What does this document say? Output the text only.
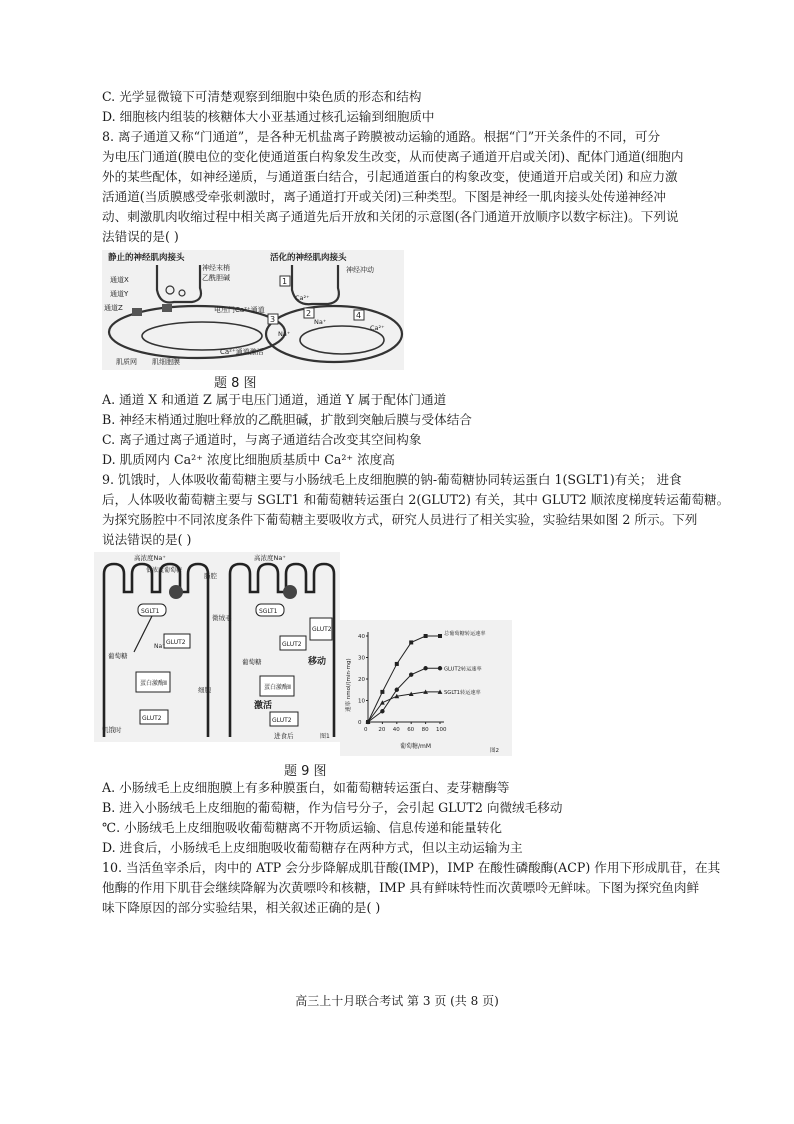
C. 光学显微镜下可清楚观察到细胞中染色质的形态和结构
D. 细胞核内组装的核糖体大小亚基通过核孔运输到细胞质中
8. 离子通道又称“门通道”，是各种无机盐离子跨膜被动运输的通路。根据“门”开关条件的不同，可分
为电压门通道(膜电位的变化使通道蛋白构象发生改变，从而使离子通道开启或关闭)、配体门通道(细胞内
外的某些配体，如神经递质，与通道蛋白结合，引起通道蛋白的构象改变，使通道开启或关闭) 和应力激
活通道(当质膜感受牵张刺激时，离子通道打开或关闭)三种类型。下图是神经一肌肉接头处传递神经冲
动、刺激肌肉收缩过程中相关离子通道先后开放和关闭的示意图(各门通道开放顺序以数字标注)。下列说
法错误的是( )
静止的神经肌肉接头
神经末梢
乙酰胆碱
通道X
通道Y
通道Z	电压门Ca²⁺通道
肌质网 肌细胞膜
Ca²⁺通道激活
活化的神经肌肉接头
神经冲动
1
Ca²⁺
2
3	4
Na⁺
Na⁺
Ca²⁺
题 8 图
A. 通道 X 和通道 Z 属于电压门通道，通道 Y 属于配体门通道
B. 神经末梢通过胞吐释放的乙酰胆碱，扩散到突触后膜与受体结合
C. 离子通过离子通道时，与离子通道结合改变其空间构象
D. 肌质网内 Ca²⁺ 浓度比细胞质基质中 Ca²⁺ 浓度高
9. 饥饿时，人体吸收葡萄糖主要与小肠绒毛上皮细胞膜的钠-葡萄糖协同转运蛋白 1(SGLT1)有关； 进食
后，人体吸收葡萄糖主要与 SGLT1 和葡萄糖转运蛋白 2(GLUT2) 有关，其中 GLUT2 顺浓度梯度转运葡萄糖。
为探究肠腔中不同浓度条件下葡萄糖主要吸收方式，研究人员进行了相关实验，实验结果如图 2 所示。下列
说法错误的是( )
高浓度Na⁺
低浓度葡萄糖
SGLT1
GLUT2
Na⁺
葡萄糖
蛋白激酶Ⅱ
细胞
GLUT2
饥饿时
肠腔
微绒毛
高浓度Na⁺
SGLT1
GLUT2
GLUT2
葡萄糖	移动
蛋白激酶Ⅱ
激活
GLUT2
进食后	图1
0 20 40 60 80 100
0
10
20
30
40	总葡萄糖转运速率
GLUT2转运速率
SGLT1转运速率
速率 nmol/(min·mg)
葡萄糖/mM
图2
题 9 图
A. 小肠绒毛上皮细胞膜上有多种膜蛋白，如葡萄糖转运蛋白、麦芽糖酶等
B. 进入小肠绒毛上皮细胞的葡萄糖，作为信号分子，会引起 GLUT2 向微绒毛移动
℃. 小肠绒毛上皮细胞吸收葡萄糖离不开物质运输、信息传递和能量转化
D. 进食后，小肠绒毛上皮细胞吸收葡萄糖存在两种方式，但以主动运输为主
10. 当活鱼宰杀后，肉中的 ATP 会分步降解成肌苷酸(IMP)，IMP 在酸性磷酸酶(ACP) 作用下形成肌苷，在其
他酶的作用下肌苷会继续降解为次黄嘌呤和核糖，IMP 具有鲜味特性而次黄嘌呤无鲜味。下图为探究鱼肉鲜
味下降原因的部分实验结果，相关叙述正确的是( )
高三上十月联合考试 第 3 页 (共 8 页)
